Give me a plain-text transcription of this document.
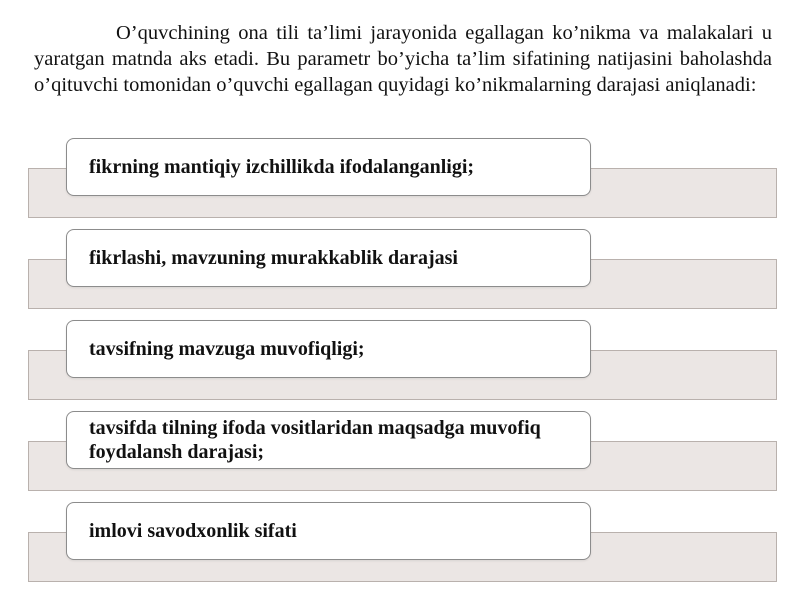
O’quvchining ona tili ta’limi jarayonida egallagan ko’nikma va malakalari u yaratgan matnda aks etadi. Bu parametr bo’yicha ta’lim sifatining natijasini baholashda o’qituvchi tomonidan o’quvchi egallagan quyidagi ko’nikmalarning darajasi aniqlanadi:

fikrning mantiqiy izchillikda ifodalanganligi;
fikrlashi, mavzuning murakkablik darajasi
tavsifning mavzuga muvofiqligi;
tavsifda tilning ifoda vositlaridan maqsadga muvofiq foydalansh darajasi;
imlovi savodxonlik sifati
